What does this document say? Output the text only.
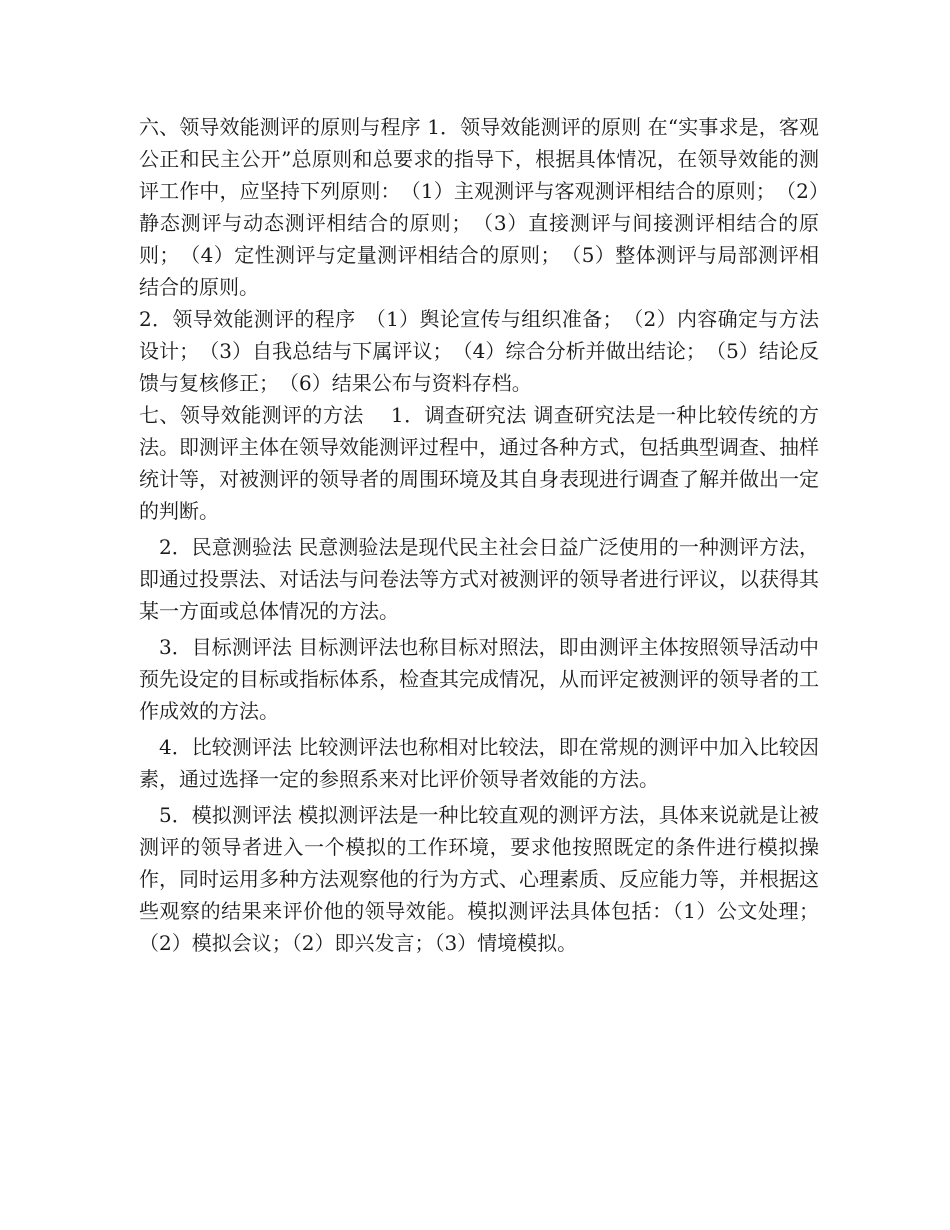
六、领导效能测评的原则与程序 1．领导效能测评的原则 在“实事求是，客观公正和民主公开”总原则和总要求的指导下，根据具体情况，在领导效能的测评工作中，应坚持下列原则：　（1）主观测评与客观测评相结合的原则；　（2）静态测评与动态测评相结合的原则；　（3）直接测评与间接测评相结合的原则；　（4）定性测评与定量测评相结合的原则；　（5）整体测评与局部测评相结合的原则。

2．领导效能测评的程序　（1）舆论宣传与组织准备；　（2）内容确定与方法设计；　（3）自我总结与下属评议；　（4）综合分析并做出结论；　（5）结论反馈与复核修正；　（6）结果公布与资料存档。

七、领导效能测评的方法　 1．调查研究法 调查研究法是一种比较传统的方法。即测评主体在领导效能测评过程中，通过各种方式，包括典型调查、抽样统计等，对被测评的领导者的周围环境及其自身表现进行调查了解并做出一定的判断。

2．民意测验法 民意测验法是现代民主社会日益广泛使用的一种测评方法，即通过投票法、对话法与问卷法等方式对被测评的领导者进行评议，以获得其某一方面或总体情况的方法。

3．目标测评法 目标测评法也称目标对照法，即由测评主体按照领导活动中预先设定的目标或指标体系，检查其完成情况，从而评定被测评的领导者的工作成效的方法。

4．比较测评法 比较测评法也称相对比较法，即在常规的测评中加入比较因素，通过选择一定的参照系来对比评价领导者效能的方法。

5．模拟测评法 模拟测评法是一种比较直观的测评方法，具体来说就是让被测评的领导者进入一个模拟的工作环境，要求他按照既定的条件进行模拟操作，同时运用多种方法观察他的行为方式、心理素质、反应能力等，并根据这些观察的结果来评价他的领导效能。模拟测评法具体包括：（1）公文处理；（2）模拟会议；（2）即兴发言；（3）情境模拟。
